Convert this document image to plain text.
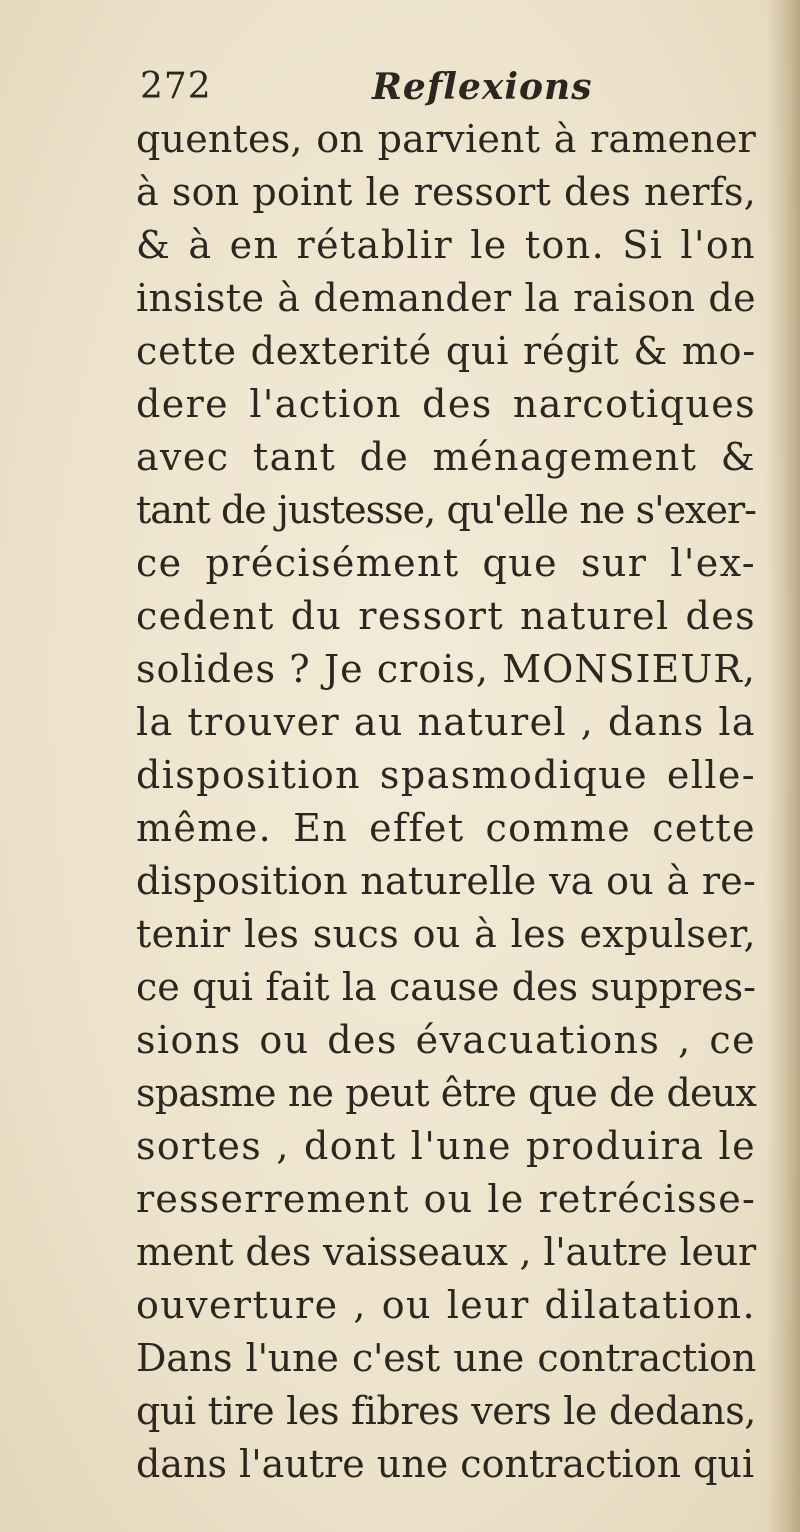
272	Reflexions
quentes, on parvient à ramener
à son point le ressort des nerfs,
& à en rétablir le ton. Si l'on
insiste à demander la raison de
cette dexterité qui régit & mo-
dere l'action des narcotiques
avec tant de ménagement &
tant de justesse, qu'elle ne s'exer-
ce précisément que sur l'ex-
cedent du ressort naturel des
solides ? Je crois, MONSIEUR,
la trouver au naturel , dans la
disposition spasmodique elle-
même. En effet comme cette
disposition naturelle va ou à re-
tenir les sucs ou à les expulser,
ce qui fait la cause des suppres-
sions ou des évacuations , ce
spasme ne peut être que de deux
sortes , dont l'une produira le
resserrement ou le retrécisse-
ment des vaisseaux , l'autre leur
ouverture , ou leur dilatation.
Dans l'une c'est une contraction
qui tire les fibres vers le dedans,
dans l'autre une contraction qui
